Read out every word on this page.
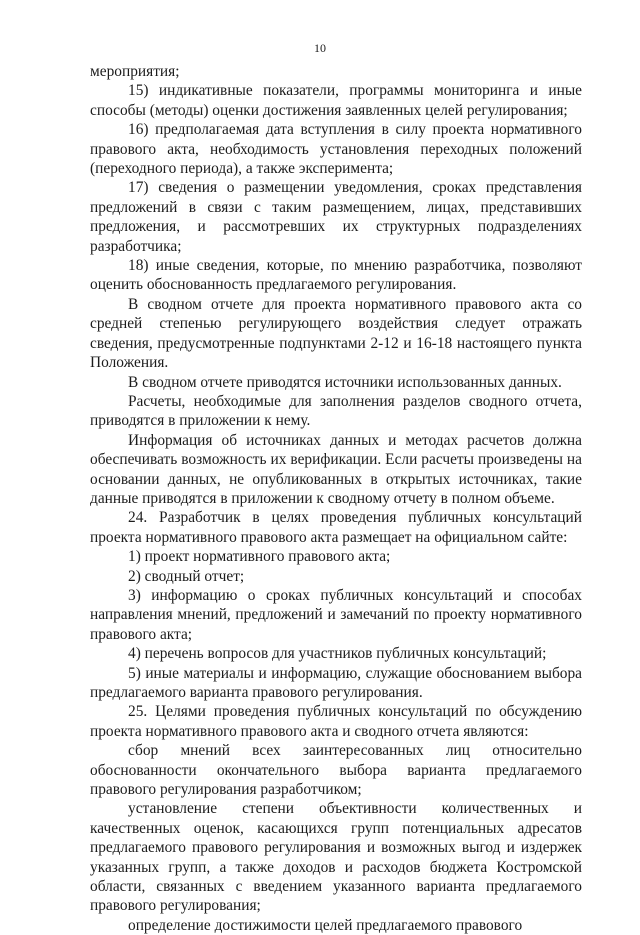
10

мероприятия;

15) индикативные показатели, программы мониторинга и иные способы (методы) оценки достижения заявленных целей регулирования;

16) предполагаемая дата вступления в силу проекта нормативного правового акта, необходимость установления переходных положений (переходного периода), а также эксперимента;

17) сведения о размещении уведомления, сроках представления предложений в связи с таким размещением, лицах, представивших предложения, и рассмотревших их структурных подразделениях разработчика;

18) иные сведения, которые, по мнению разработчика, позволяют оценить обоснованность предлагаемого регулирования.

В сводном отчете для проекта нормативного правового акта со средней степенью регулирующего воздействия следует отражать сведения, предусмотренные подпунктами 2-12 и 16-18 настоящего пункта Положения.

В сводном отчете приводятся источники использованных данных.

Расчеты, необходимые для заполнения разделов сводного отчета, приводятся в приложении к нему.

Информация об источниках данных и методах расчетов должна обеспечивать возможность их верификации. Если расчеты произведены на основании данных, не опубликованных в открытых источниках, такие данные приводятся в приложении к сводному отчету в полном объеме.

24. Разработчик в целях проведения публичных консультаций проекта нормативного правового акта размещает на официальном сайте:

1) проект нормативного правового акта;

2) сводный отчет;

3) информацию о сроках публичных консультаций и способах направления мнений, предложений и замечаний по проекту нормативного правового акта;

4) перечень вопросов для участников публичных консультаций;

5) иные материалы и информацию, служащие обоснованием выбора предлагаемого варианта правового регулирования.

25. Целями проведения публичных консультаций по обсуждению проекта нормативного правового акта и сводного отчета являются:

сбор мнений всех заинтересованных лиц относительно обоснованности окончательного выбора варианта предлагаемого правового регулирования разработчиком;

установление степени объективности количественных и качественных оценок, касающихся групп потенциальных адресатов предлагаемого правового регулирования и возможных выгод и издержек указанных групп, а также доходов и расходов бюджета Костромской области, связанных с введением указанного варианта предлагаемого правового регулирования;

определение достижимости целей предлагаемого правового
